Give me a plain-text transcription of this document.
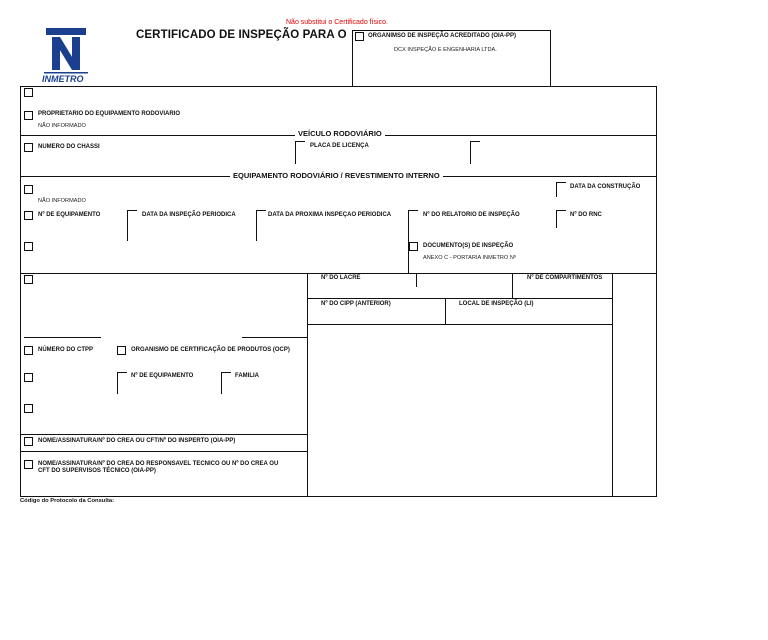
Não substitui o Certificado físico.
INMETRO
CERTIFICADO DE INSPEÇÃO PARA O	ORGANIMSO DE INSPEÇÃO ACREDITADO (OIA-PP)
DCX INSPEÇÃO E ENGENHARIA LTDA.
PROPRIETARIO DO EQUIPAMENTO RODOVIARIO
NÃO INFORMADO
VEÍCULO RODOVIÁRIO
NUMERO DO CHASSI	PLACA DE LICENÇA
EQUIPAMENTO RODOVIÁRIO / REVESTIMENTO INTERNO
DATA DA CONSTRUÇÃO
NÃO INFORMADO
Nº DE EQUIPAMENTO	DATA DA INSPEÇÃO PERIODICA	DATA DA PROXIMA INSPEÇAO PERIODICA	Nº DO RELATORIO DE INSPEÇÃO	Nº DO RNC
DOCUMENTO(S) DE INSPEÇÃO
ANEXO C - PORTARIA INMETRO Nº
Nº DO LACRE	Nº DE COMPARTIMENTOS
Nº DO CIPP (ANTERIOR)	LOCAL DE INSPEÇÃO (LI)
NÚMERO DO CTPP	ORGANISMO DE CERTIFICAÇÃO DE PRODUTOS (OCP)
Nº DE EQUIPAMENTO	FAMILIA
NOME/ASSINATURA/Nº DO CREA OU CFT/Nº DO INSPERTO (OIA-PP)
NOME/ASSINATURA/Nº DO CREA DO RESPONSAVEL TECNICO OU Nº DO CREA OU
CFT DO SUPERVISOS TÉCNICO (OIA-PP)
Código do Protocolo da Consulta:
